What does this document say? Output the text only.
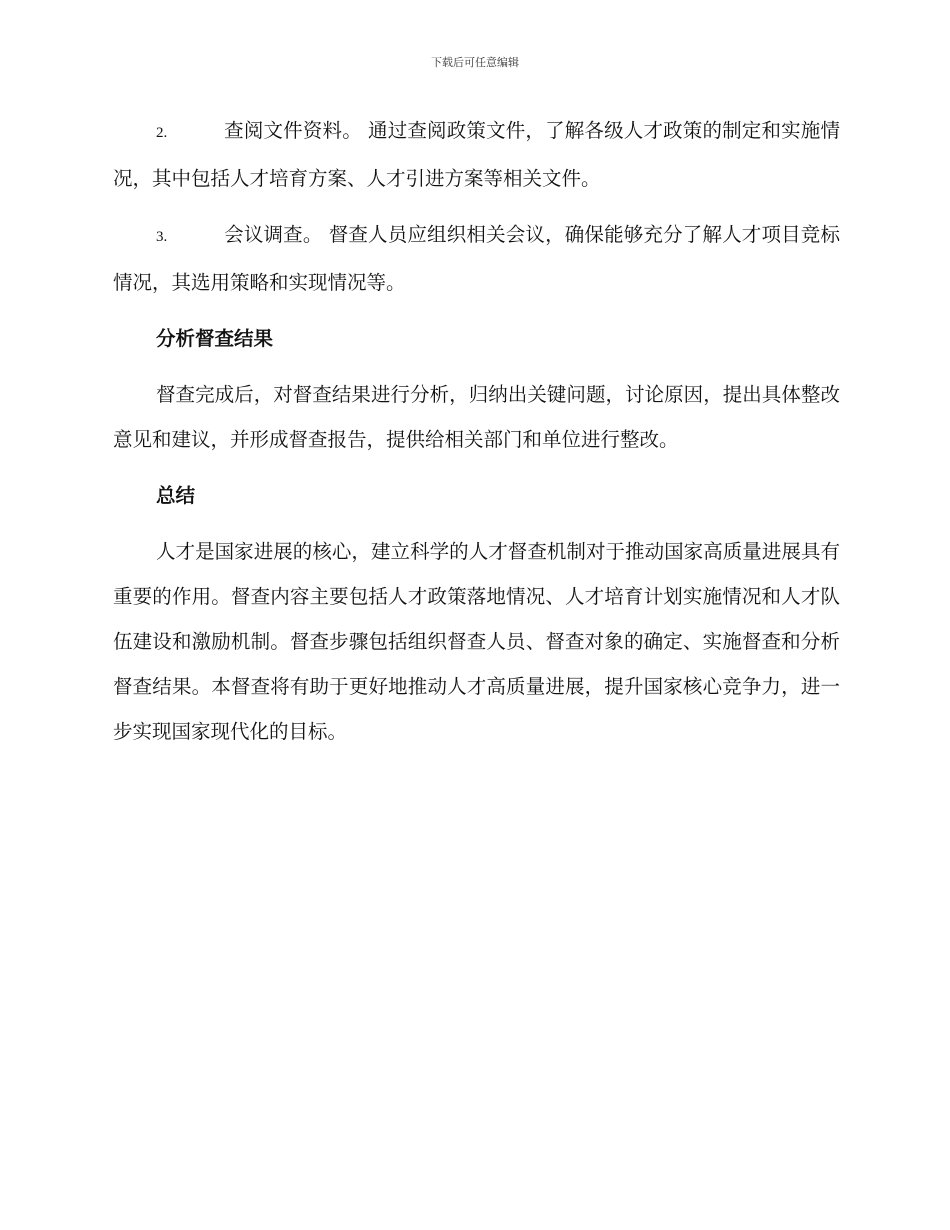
下载后可任意编辑

2.	查阅文件资料。 通过查阅政策文件，了解各级人才政策的制定和实施情况，其中包括人才培育方案、人才引进方案等相关文件。

3.	会议调查。 督查人员应组织相关会议，确保能够充分了解人才项目竞标情况，其选用策略和实现情况等。

分析督查结果

督查完成后，对督查结果进行分析，归纳出关键问题，讨论原因，提出具体整改意见和建议，并形成督查报告，提供给相关部门和单位进行整改。

总结

人才是国家进展的核心，建立科学的人才督查机制对于推动国家高质量进展具有重要的作用。督查内容主要包括人才政策落地情况、人才培育计划实施情况和人才队伍建设和激励机制。督查步骤包括组织督查人员、督查对象的确定、实施督查和分析督查结果。本督查将有助于更好地推动人才高质量进展，提升国家核心竞争力，进一步实现国家现代化的目标。
